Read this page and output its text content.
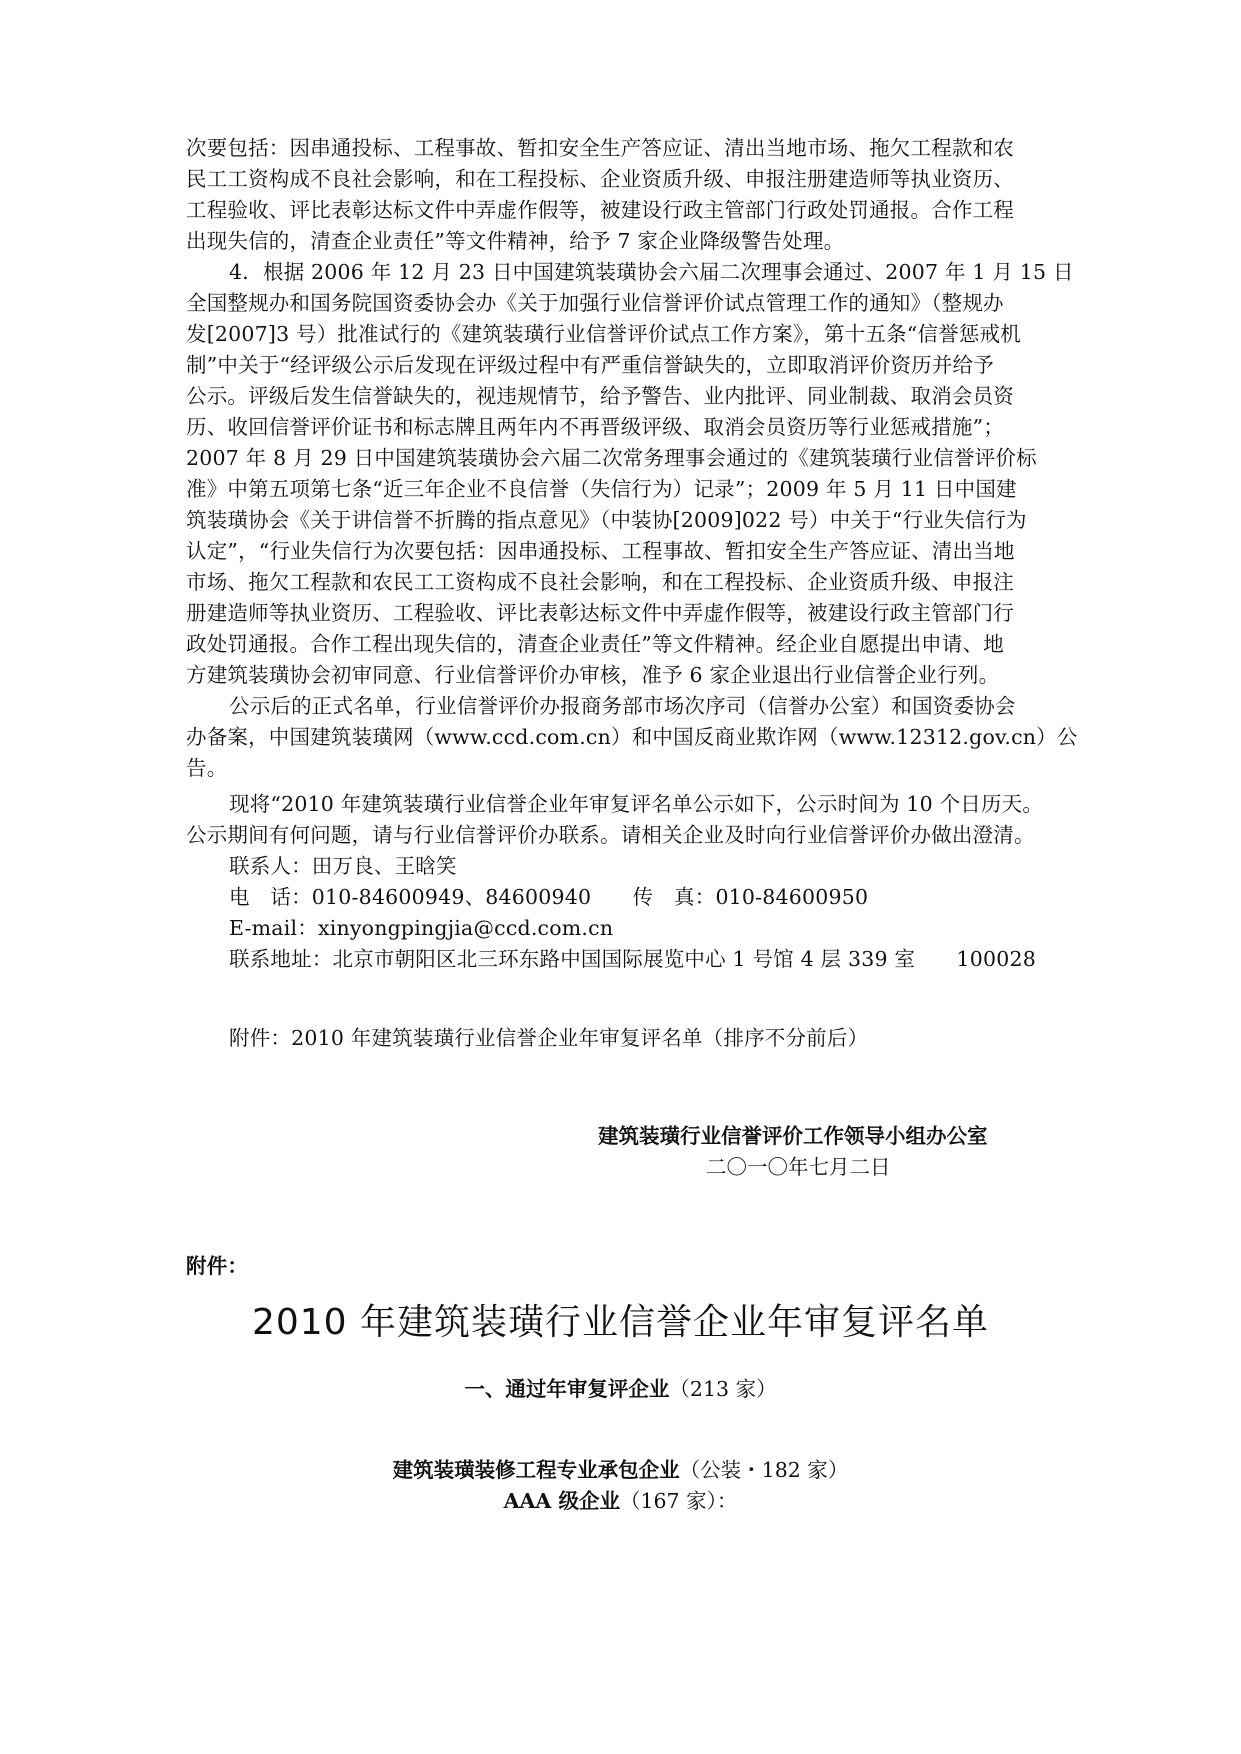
次要包括：因串通投标、工程事故、暂扣安全生产答应证、清出当地市场、拖欠工程款和农
民工工资构成不良社会影响，和在工程投标、企业资质升级、申报注册建造师等执业资历、
工程验收、评比表彰达标文件中弄虚作假等，被建设行政主管部门行政处罚通报。合作工程
出现失信的，清查企业责任”等文件精神，给予 7 家企业降级警告处理。
4．根据 2006 年 12 月 23 日中国建筑装璜协会六届二次理事会通过、2007 年 1 月 15 日
全国整规办和国务院国资委协会办《关于加强行业信誉评价试点管理工作的通知》（整规办
发[2007]3 号）批准试行的《建筑装璜行业信誉评价试点工作方案》，第十五条“信誉惩戒机
制”中关于“经评级公示后发现在评级过程中有严重信誉缺失的，立即取消评价资历并给予
公示。评级后发生信誉缺失的，视违规情节，给予警告、业内批评、同业制裁、取消会员资
历、收回信誉评价证书和标志牌且两年内不再晋级评级、取消会员资历等行业惩戒措施”；
2007 年 8 月 29 日中国建筑装璜协会六届二次常务理事会通过的《建筑装璜行业信誉评价标
准》中第五项第七条“近三年企业不良信誉（失信行为）记录”；2009 年 5 月 11 日中国建
筑装璜协会《关于讲信誉不折腾的指点意见》（中装协[2009]022 号）中关于“行业失信行为
认定”，“行业失信行为次要包括：因串通投标、工程事故、暂扣安全生产答应证、清出当地
市场、拖欠工程款和农民工工资构成不良社会影响，和在工程投标、企业资质升级、申报注
册建造师等执业资历、工程验收、评比表彰达标文件中弄虚作假等，被建设行政主管部门行
政处罚通报。合作工程出现失信的，清查企业责任”等文件精神。经企业自愿提出申请、地
方建筑装璜协会初审同意、行业信誉评价办审核，准予 6 家企业退出行业信誉企业行列。
公示后的正式名单，行业信誉评价办报商务部市场次序司（信誉办公室）和国资委协会
办备案，中国建筑装璜网（www.ccd.com.cn）和中国反商业欺诈网（www.12312.gov.cn）公
告。
现将“2010 年建筑装璜行业信誉企业年审复评名单公示如下，公示时间为 10 个日历天。
公示期间有何问题，请与行业信誉评价办联系。请相关企业及时向行业信誉评价办做出澄清。
联系人：田万良、王晗笑
电　话：010-84600949、84600940　　传　真：010-84600950
E-mail：xinyongpingjia@ccd.com.cn
联系地址：北京市朝阳区北三环东路中国国际展览中心 1 号馆 4 层 339 室　　100028
附件：2010 年建筑装璜行业信誉企业年审复评名单（排序不分前后）
建筑装璜行业信誉评价工作领导小组办公室
二〇一〇年七月二日
附件：
2010 年建筑装璜行业信誉企业年审复评名单
一、通过年审复评企业（213 家）
建筑装璜装修工程专业承包企业（公装・182 家）
AAA 级企业（167 家）：
